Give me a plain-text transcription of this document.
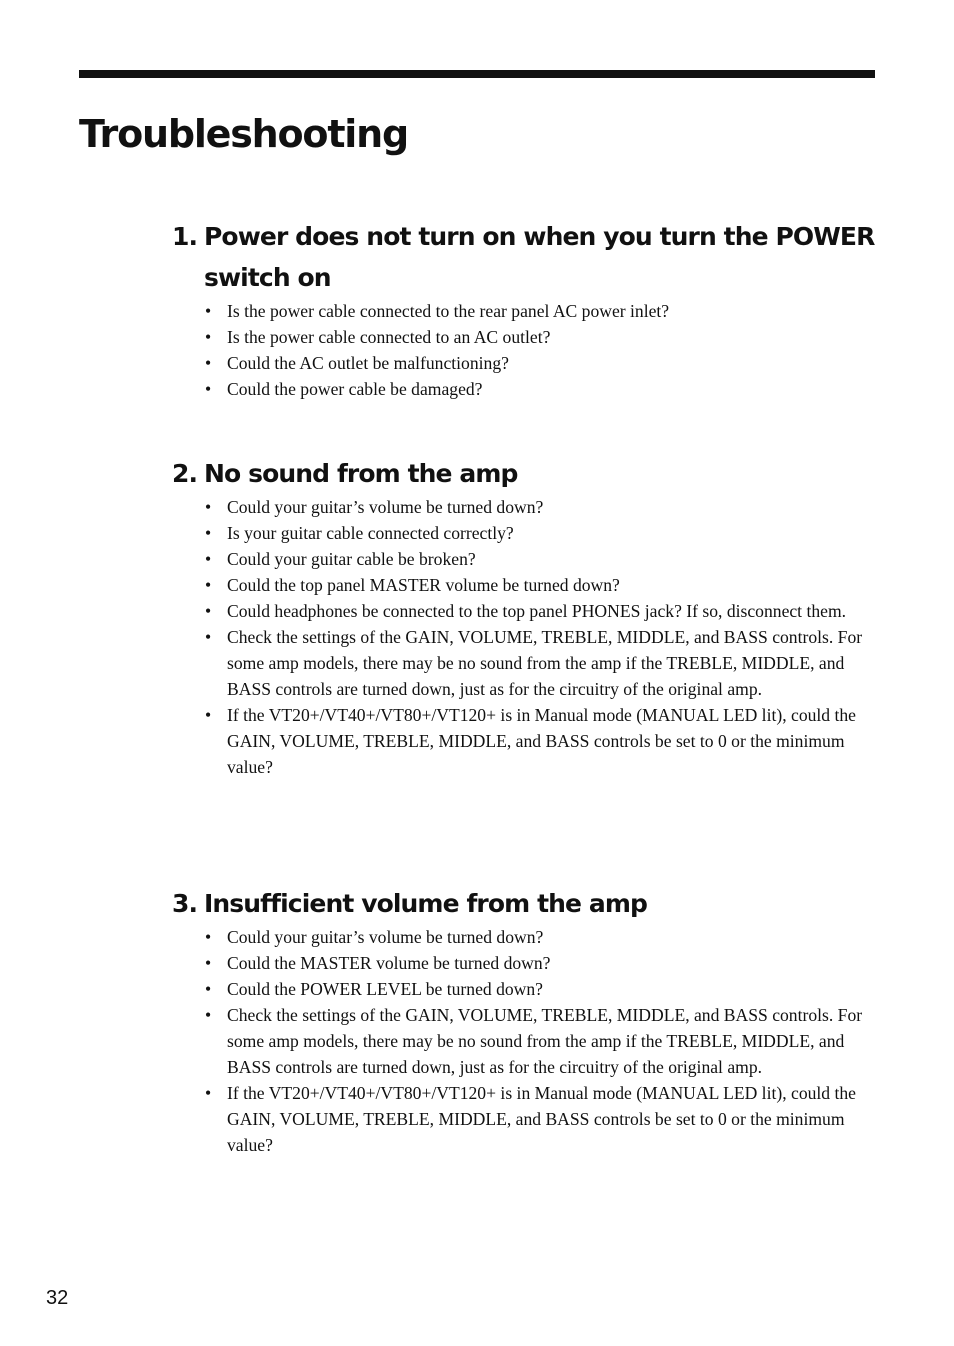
Troubleshooting
1. Power does not turn on when you turn the POWER switch on
• Is the power cable connected to the rear panel AC power inlet?
• Is the power cable connected to an AC outlet?
• Could the AC outlet be malfunctioning?
• Could the power cable be damaged?
2. No sound from the amp
• Could your guitar’s volume be turned down?
• Is your guitar cable connected correctly?
• Could your guitar cable be broken?
• Could the top panel MASTER volume be turned down?
• Could headphones be connected to the top panel PHONES jack? If so, disconnect them.
• Check the settings of the GAIN, VOLUME, TREBLE, MIDDLE, and BASS controls. For some amp models, there may be no sound from the amp if the TREBLE, MIDDLE, and BASS controls are turned down, just as for the circuitry of the original amp.
• If the VT20+/VT40+/VT80+/VT120+ is in Manual mode (MANUAL LED lit), could the GAIN, VOLUME, TREBLE, MIDDLE, and BASS controls be set to 0 or the minimum value?
3. Insufficient volume from the amp
• Could your guitar’s volume be turned down?
• Could the MASTER volume be turned down?
• Could the POWER LEVEL be turned down?
• Check the settings of the GAIN, VOLUME, TREBLE, MIDDLE, and BASS controls. For some amp models, there may be no sound from the amp if the TREBLE, MIDDLE, and BASS controls are turned down, just as for the circuitry of the original amp.
• If the VT20+/VT40+/VT80+/VT120+ is in Manual mode (MANUAL LED lit), could the GAIN, VOLUME, TREBLE, MIDDLE, and BASS controls be set to 0 or the minimum value?
32
